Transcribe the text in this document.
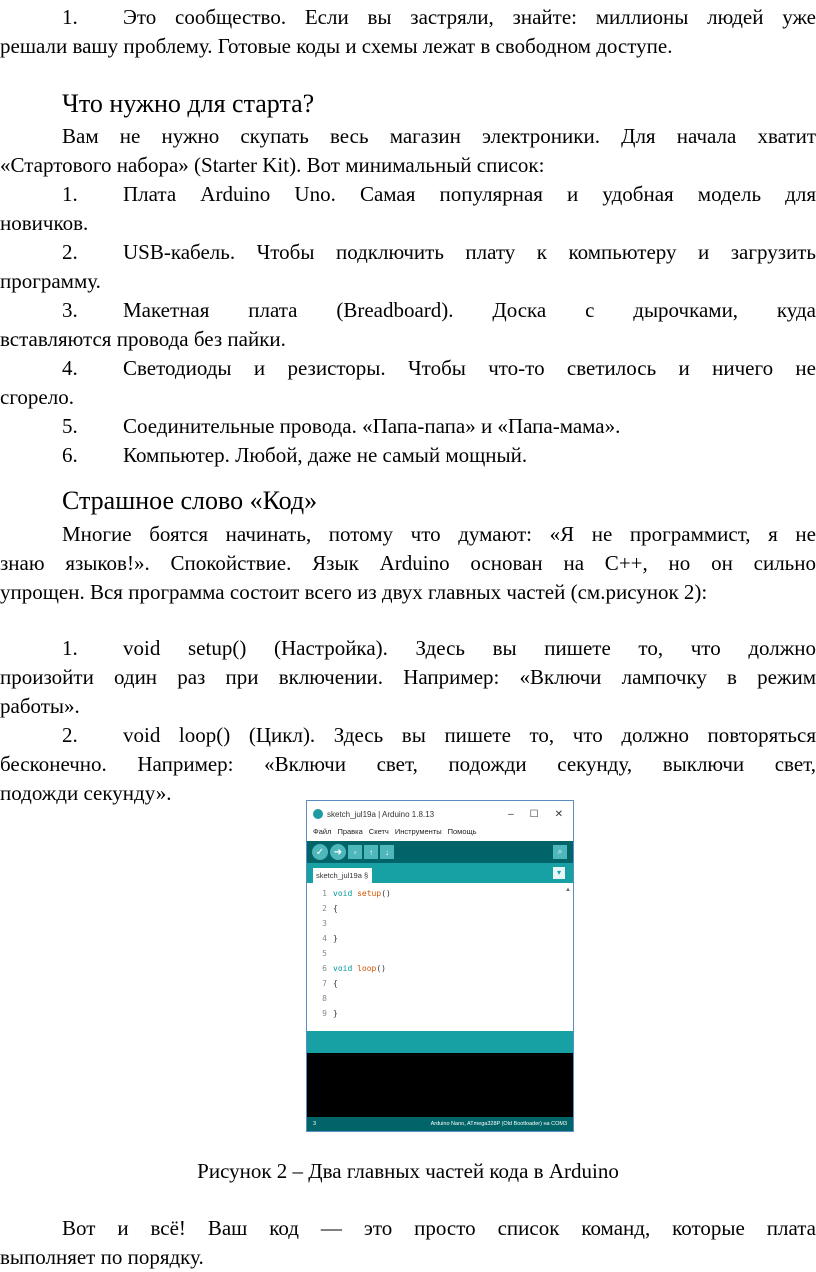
1. Это сообщество. Если вы застряли, знайте: миллионы людей уже
решали вашу проблему. Готовые коды и схемы лежат в свободном доступе.
Что нужно для старта?
Вам не нужно скупать весь магазин электроники. Для начала хватит
«Стартового набора» (Starter Kit). Вот минимальный список:
1. Плата Arduino Uno. Самая популярная и удобная модель для
новичков.
2. USB-кабель. Чтобы подключить плату к компьютеру и загрузить
программу.
3. Макетная плата (Breadboard). Доска с дырочками, куда
вставляются провода без пайки.
4. Светодиоды и резисторы. Чтобы что-то светилось и ничего не
сгорело.
5. Соединительные провода. «Папа-папа» и «Папа-мама».
6. Компьютер. Любой, даже не самый мощный.
Страшное слово «Код»
Многие боятся начинать, потому что думают: «Я не программист, я не
знаю языков!». Спокойствие. Язык Arduino основан на C++, но он сильно
упрощен. Вся программа состоит всего из двух главных частей (см.рисунок 2):
1. void setup() (Настройка). Здесь вы пишете то, что должно
произойти один раз при включении. Например: «Включи лампочку в режим
работы».
2. void loop() (Цикл). Здесь вы пишете то, что должно повторяться
бесконечно. Например: «Включи свет, подожди секунду, выключи свет,
подожди секунду».
sketch_jul19a | Arduino 1.8.13	– ☐ ✕
Файл Правка Скетч Инструменты Помощь
✓ ➜	▫	↑	↓	⌕
sketch_jul19a §	▾
1 void setup()
2 {
3
4 }
5
6 void loop()
7 {
8
9 }
▲
3	Arduino Nano, ATmega328P (Old Bootloader) на COM3
Рисунок 2 – Два главных частей кода в Arduino
Вот и всё! Ваш код — это просто список команд, которые плата
выполняет по порядку.
